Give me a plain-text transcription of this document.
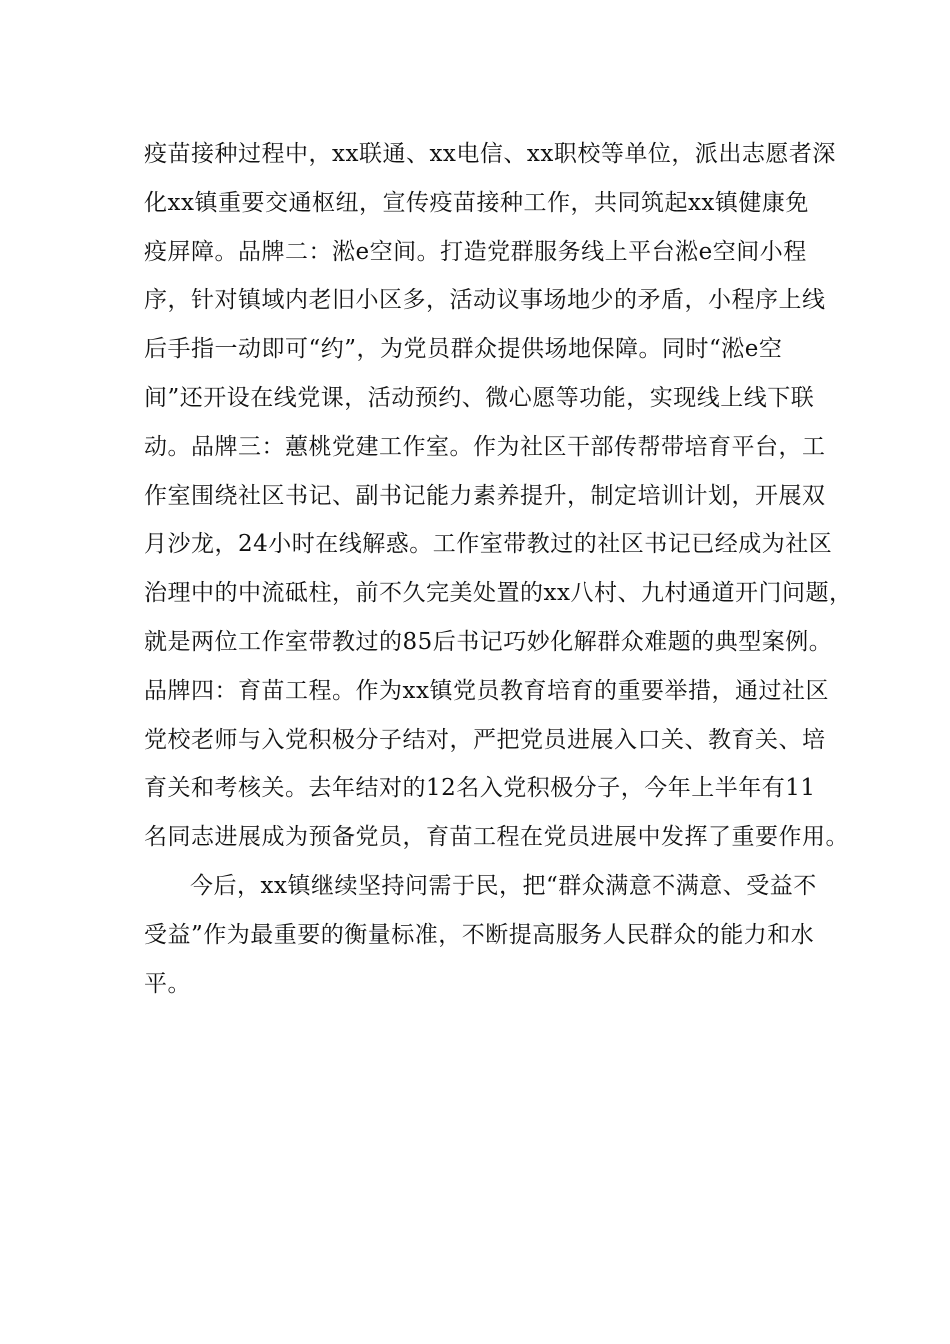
疫苗接种过程中，xx联通、xx电信、xx职校等单位，派出志愿者深
化xx镇重要交通枢纽，宣传疫苗接种工作，共同筑起xx镇健康免
疫屏障。品牌二：淞e空间。打造党群服务线上平台淞e空间小程
序，针对镇域内老旧小区多，活动议事场地少的矛盾，小程序上线
后手指一动即可“约”，为党员群众提供场地保障。同时“淞e空
间”还开设在线党课，活动预约、微心愿等功能，实现线上线下联
动。品牌三：蕙桃党建工作室。作为社区干部传帮带培育平台，工
作室围绕社区书记、副书记能力素养提升，制定培训计划，开展双
月沙龙，24小时在线解惑。工作室带教过的社区书记已经成为社区
治理中的中流砥柱，前不久完美处置的xx八村、九村通道开门问题，
就是两位工作室带教过的85后书记巧妙化解群众难题的典型案例。
品牌四：育苗工程。作为xx镇党员教育培育的重要举措，通过社区
党校老师与入党积极分子结对，严把党员进展入口关、教育关、培
育关和考核关。去年结对的12名入党积极分子，今年上半年有11
名同志进展成为预备党员，育苗工程在党员进展中发挥了重要作用。
今后，xx镇继续坚持问需于民，把“群众满意不满意、受益不
受益”作为最重要的衡量标准，不断提高服务人民群众的能力和水
平。
